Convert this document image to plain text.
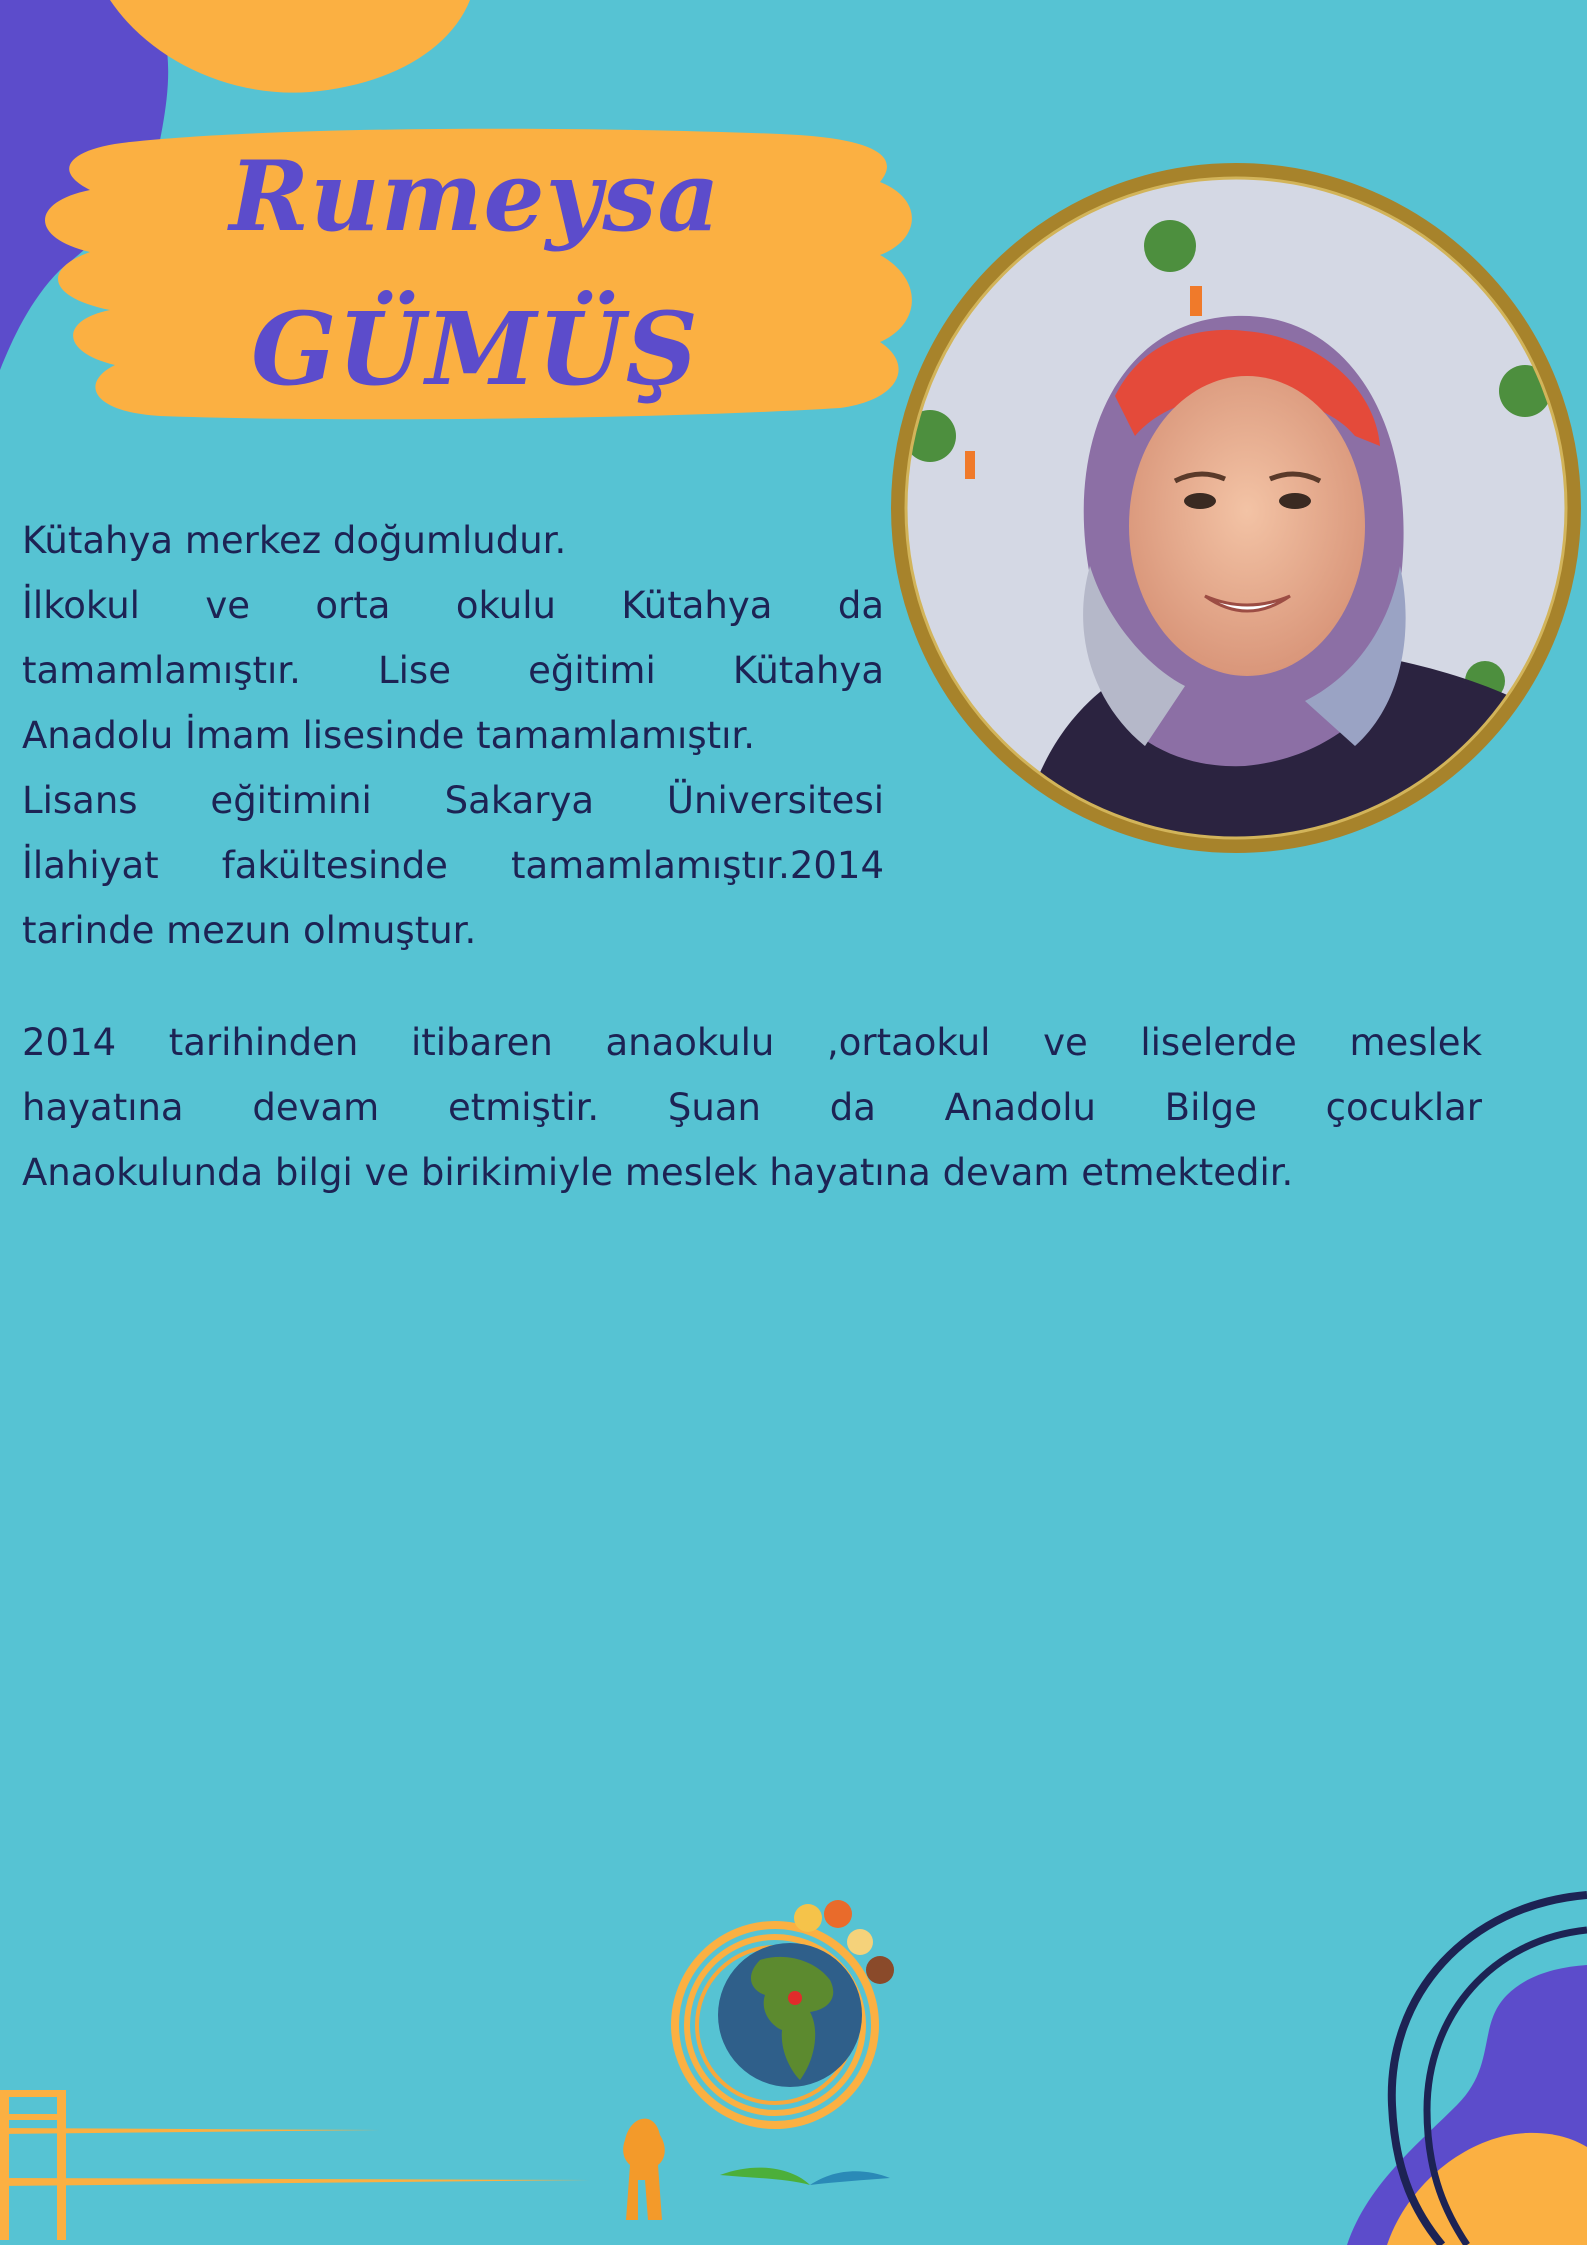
Rumeysa
GÜMÜŞ
Kütahya merkez doğumludur.
İlkokul ve orta okulu Kütahya da
tamamlamıştır. Lise eğitimi Kütahya
Anadolu İmam lisesinde tamamlamıştır.
Lisans eğitimini Sakarya Üniversitesi
İlahiyat fakültesinde tamamlamıştır.2014
tarinde mezun olmuştur.
2014 tarihinden itibaren anaokulu ,ortaokul ve liselerde meslek
hayatına devam etmiştir. Şuan da Anadolu Bilge çocuklar
Anaokulunda bilgi ve birikimiyle meslek hayatına devam etmektedir.
